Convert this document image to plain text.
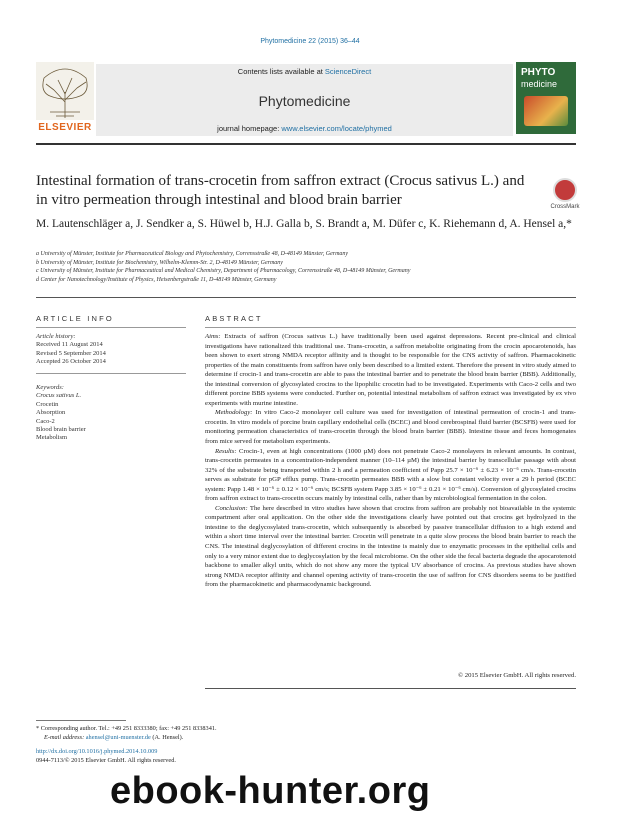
Phytomedicine 22 (2015) 36–44
Contents lists available at ScienceDirect
Phytomedicine
journal homepage: www.elsevier.com/locate/phymed
ELSEVIER
PHYTO
medicine
Intestinal formation of trans-crocetin from saffron extract (Crocus sativus L.) and in vitro permeation through intestinal and blood brain barrier	CrossMark
M. Lautenschläger a, J. Sendker a, S. Hüwel b, H.J. Galla b, S. Brandt a, M. Düfer c, K. Riehemann d, A. Hensel a,*
a University of Münster, Institute for Pharmaceutical Biology and Phytochemistry, Corrensstraße 48, D-48149 Münster, Germany
b University of Münster, Institute for Biochemistry, Wilhelm-Klemm-Str. 2, D-48149 Münster, Germany
c University of Münster, Institute for Pharmaceutical and Medical Chemistry, Department of Pharmacology, Corrensstraße 48, D-48149 Münster, Germany
d Center for Nanotechnology/Institute of Physics, Heisenbergstraße 11, D-48149 Münster, Germany
ARTICLE INFO
Article history:
Received 11 August 2014
Revised 5 September 2014
Accepted 26 October 2014
Keywords:
Crocus sativus L.
Crocetin
Absorption
Caco-2
Blood brain barrier
Metabolism
ABSTRACT

Aims: Extracts of saffron (Crocus sativus L.) have traditionally been used against depressions. Recent pre-clinical and clinical investigations have rationalized this traditional use. Trans-crocetin, a saffron metabolite originating from the crocin apocarotenoids, has been shown to exert strong NMDA receptor affinity and is thought to be responsible for the CNS activity of saffron. Pharmacokinetic properties of the main constituents from saffron have only been described to a limited extent. Therefore the present in vitro study aimed to determine if crocin-1 and trans-crocetin are able to pass the intestinal barrier and to penetrate the blood brain barrier (BBB). Additionally, the intestinal conversion of glycosylated crocins to the lipophilic crocetin had to be investigated. Experiments with Caco-2 cells and two different porcine BBB systems were conducted. Further on, potential intestinal metabolism of saffron extract was investigated by ex vivo experiments with murine intestine.

Methodology: In vitro Caco-2 monolayer cell culture was used for investigation of intestinal permeation of crocin-1 and trans-crocetin. In vitro models of porcine brain capillary endothelial cells (BCEC) and blood cerebrospinal fluid barrier (BCSFB) were used for monitoring permeation characteristics of trans-crocetin through the blood brain barrier (BBB). Intestine tissue and feces homogenates from mice served for metabolism experiments.

Results: Crocin-1, even at high concentrations (1000 µM) does not penetrate Caco-2 monolayers in relevant amounts. In contrast, trans-crocetin permeates in a concentration-independent manner (10–114 µM) the intestinal barrier by transcellular passage with about 32% of the substrate being transported within 2 h and a permeation coefficient of Papp 25.7 × 10⁻⁶ ± 6.23 × 10⁻⁶ cm/s. Trans-crocetin serves as substrate for pGP efflux pump. Trans-crocetin permeates BBB with a slow but constant velocity over a 29 h period (BCEC system: Papp 1.48 × 10⁻⁶ ± 0.12 × 10⁻⁶ cm/s; BCSFB system Papp 3.85 × 10⁻⁶ ± 0.21 × 10⁻⁶ cm/s). Conversion of glycosylated crocins from saffron extract to trans-crocetin occurs mainly by intestinal cells, rather than by microbiological fermentation in the colon.

Conclusion: The here described in vitro studies have shown that crocins from saffron are probably not bioavailable in the systemic compartment after oral application. On the other side the investigations clearly have pointed out that crocins get hydrolyzed in the intestine to the deglycosylated trans-crocetin, which subsequently is absorbed by passive transcellular diffusion to a high extend and within a short time interval over the intestinal barrier. Crocetin will penetrate in a quite slow process the blood brain barrier to reach the CNS. The intestinal deglycosylation of different crocins in the intestine is mainly due to enzymatic processes in the epithelial cells and only to a very minor extent due to deglycosylation by the fecal microbiome. On the other side the fecal bacteria degrade the apocarotenoid backbone to smaller alkyl units, which do not show any more the typical UV absorbance of crocins. As previous studies have shown strong NMDA receptor affinity and channel opening activity of trans-crocetin the use of saffron for CNS disorders seems to be justified from the pharmacokinetic and pharmacodynamic background.

© 2015 Elsevier GmbH. All rights reserved.
* Corresponding author. Tel.: +49 251 8333380; fax: +49 251 8338341.
E-mail address: ahensel@uni-muenster.de (A. Hensel).
http://dx.doi.org/10.1016/j.phymed.2014.10.009
0944-7113/© 2015 Elsevier GmbH. All rights reserved.
ebook-hunter.org
